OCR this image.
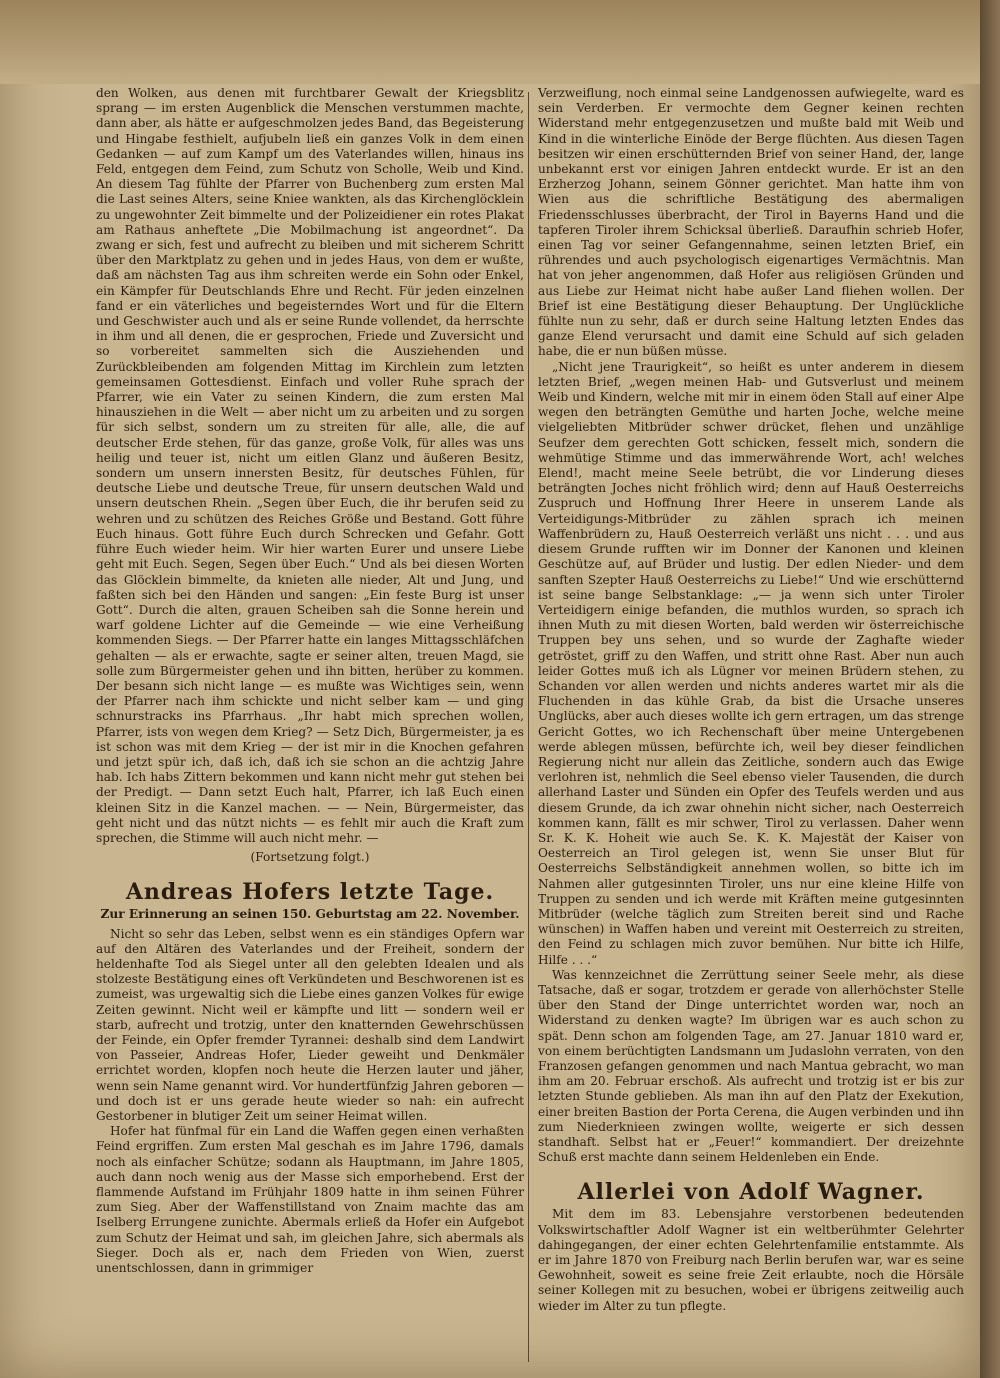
den Wolken, aus denen mit furchtbarer Gewalt der Kriegsblitz sprang — im ersten Augenblick die Menschen verstummen machte, dann aber, als hätte er aufgeschmolzen jedes Band, das Begeisterung und Hingabe festhielt, aufjubeln ließ ein ganzes Volk in dem einen Gedanken — auf zum Kampf um des Vaterlandes willen, hinaus ins Feld, entgegen dem Feind, zum Schutz von Scholle, Weib und Kind. An diesem Tag fühlte der Pfarrer von Buchenberg zum ersten Mal die Last seines Alters, seine Kniee wankten, als das Kirchenglöcklein zu ungewohnter Zeit bimmelte und der Polizeidiener ein rotes Plakat am Rathaus anheftete „Die Mobilmachung ist angeordnet“. Da zwang er sich, fest und aufrecht zu bleiben und mit sicherem Schritt über den Marktplatz zu gehen und in jedes Haus, von dem er wußte, daß am nächsten Tag aus ihm schreiten werde ein Sohn oder Enkel, ein Kämpfer für Deutschlands Ehre und Recht. Für jeden einzelnen fand er ein väterliches und begeisterndes Wort und für die Eltern und Geschwister auch und als er seine Runde vollendet, da herrschte in ihm und all denen, die er gesprochen, Friede und Zuversicht und so vorbereitet sammelten sich die Ausziehenden und Zurückbleibenden am folgenden Mittag im Kirchlein zum letzten gemeinsamen Gottesdienst. Einfach und voller Ruhe sprach der Pfarrer, wie ein Vater zu seinen Kindern, die zum ersten Mal hinausziehen in die Welt — aber nicht um zu arbeiten und zu sorgen für sich selbst, sondern um zu streiten für alle, alle, die auf deutscher Erde stehen, für das ganze, große Volk, für alles was uns heilig und teuer ist, nicht um eitlen Glanz und äußeren Besitz, sondern um unsern innersten Besitz, für deutsches Fühlen, für deutsche Liebe und deutsche Treue, für unsern deutschen Wald und unsern deutschen Rhein. „Segen über Euch, die ihr berufen seid zu wehren und zu schützen des Reiches Größe und Bestand. Gott führe Euch hinaus. Gott führe Euch durch Schrecken und Gefahr. Gott führe Euch wieder heim. Wir hier warten Eurer und unsere Liebe geht mit Euch. Segen, Segen über Euch.“ Und als bei diesen Worten das Glöcklein bimmelte, da knieten alle nieder, Alt und Jung, und faßten sich bei den Händen und sangen: „Ein feste Burg ist unser Gott“. Durch die alten, grauen Scheiben sah die Sonne herein und warf goldene Lichter auf die Gemeinde — wie eine Verheißung kommenden Siegs. — Der Pfarrer hatte ein langes Mittagsschläfchen gehalten — als er erwachte, sagte er seiner alten, treuen Magd, sie solle zum Bürgermeister gehen und ihn bitten, herüber zu kommen. Der besann sich nicht lange — es mußte was Wichtiges sein, wenn der Pfarrer nach ihm schickte und nicht selber kam — und ging schnurstracks ins Pfarrhaus. „Ihr habt mich sprechen wollen, Pfarrer, ists von wegen dem Krieg? — Setz Dich, Bürgermeister, ja es ist schon was mit dem Krieg — der ist mir in die Knochen gefahren und jetzt spür ich, daß ich, daß ich sie schon an die achtzig Jahre hab. Ich habs Zittern bekommen und kann nicht mehr gut stehen bei der Predigt. — Dann setzt Euch halt, Pfarrer, ich laß Euch einen kleinen Sitz in die Kanzel machen. — — Nein, Bürgermeister, das geht nicht und das nützt nichts — es fehlt mir auch die Kraft zum sprechen, die Stimme will auch nicht mehr. —

(Fortsetzung folgt.)

Andreas Hofers letzte Tage.

Zur Erinnerung an seinen 150. Geburtstag am 22. November.

Nicht so sehr das Leben, selbst wenn es ein ständiges Opfern war auf den Altären des Vaterlandes und der Freiheit, sondern der heldenhafte Tod als Siegel unter all den gelebten Idealen und als stolzeste Bestätigung eines oft Verkündeten und Beschworenen ist es zumeist, was urgewaltig sich die Liebe eines ganzen Volkes für ewige Zeiten gewinnt. Nicht weil er kämpfte und litt — sondern weil er starb, aufrecht und trotzig, unter den knatternden Gewehrschüssen der Feinde, ein Opfer fremder Tyrannei: deshalb sind dem Landwirt von Passeier, Andreas Hofer, Lieder geweiht und Denkmäler errichtet worden, klopfen noch heute die Herzen lauter und jäher, wenn sein Name genannt wird. Vor hundertfünfzig Jahren geboren — und doch ist er uns gerade heute wieder so nah: ein aufrecht Gestorbener in blutiger Zeit um seiner Heimat willen.

Hofer hat fünfmal für ein Land die Waffen gegen einen verhaßten Feind ergriffen. Zum ersten Mal geschah es im Jahre 1796, damals noch als einfacher Schütze; sodann als Hauptmann, im Jahre 1805, auch dann noch wenig aus der Masse sich emporhebend. Erst der flammende Aufstand im Frühjahr 1809 hatte in ihm seinen Führer zum Sieg. Aber der Waffenstillstand von Znaim machte das am Iselberg Errungene zunichte. Abermals erließ da Hofer ein Aufgebot zum Schutz der Heimat und sah, im gleichen Jahre, sich abermals als Sieger. Doch als er, nach dem Frieden von Wien, zuerst unentschlossen, dann in grimmiger

Verzweiflung, noch einmal seine Landgenossen aufwiegelte, ward es sein Verderben. Er vermochte dem Gegner keinen rechten Widerstand mehr entgegenzusetzen und mußte bald mit Weib und Kind in die winterliche Einöde der Berge flüchten. Aus diesen Tagen besitzen wir einen erschütternden Brief von seiner Hand, der, lange unbekannt erst vor einigen Jahren entdeckt wurde. Er ist an den Erzherzog Johann, seinem Gönner gerichtet. Man hatte ihm von Wien aus die schriftliche Bestätigung des abermaligen Friedensschlusses überbracht, der Tirol in Bayerns Hand und die tapferen Tiroler ihrem Schicksal überließ. Daraufhin schrieb Hofer, einen Tag vor seiner Gefangennahme, seinen letzten Brief, ein rührendes und auch psychologisch eigenartiges Vermächtnis. Man hat von jeher angenommen, daß Hofer aus religiösen Gründen und aus Liebe zur Heimat nicht habe außer Land fliehen wollen. Der Brief ist eine Bestätigung dieser Behauptung. Der Unglückliche fühlte nun zu sehr, daß er durch seine Haltung letzten Endes das ganze Elend verursacht und damit eine Schuld auf sich geladen habe, die er nun büßen müsse.

„Nicht jene Traurigkeit“, so heißt es unter anderem in diesem letzten Brief, „wegen meinen Hab- und Gutsverlust und meinem Weib und Kindern, welche mit mir in einem öden Stall auf einer Alpe wegen den beträngten Gemüthe und harten Joche, welche meine vielgeliebten Mitbrüder schwer drücket, flehen und unzählige Seufzer dem gerechten Gott schicken, fesselt mich, sondern die wehmütige Stimme und das immerwährende Wort, ach! welches Elend!, macht meine Seele betrübt, die vor Linderung dieses beträngten Joches nicht fröhlich wird; denn auf Hauß Oesterreichs Zuspruch und Hoffnung Ihrer Heere in unserem Lande als Verteidigungs-Mitbrüder zu zählen sprach ich meinen Waffenbrüdern zu, Hauß Oesterreich verläßt uns nicht . . . und aus diesem Grunde rufften wir im Donner der Kanonen und kleinen Geschütze auf, auf Brüder und lustig. Der edlen Nieder- und dem sanften Szepter Hauß Oesterreichs zu Liebe!“ Und wie erschütternd ist seine bange Selbstanklage: „— ja wenn sich unter Tiroler Verteidigern einige befanden, die muthlos wurden, so sprach ich ihnen Muth zu mit diesen Worten, bald werden wir österreichische Truppen bey uns sehen, und so wurde der Zaghafte wieder getröstet, griff zu den Waffen, und stritt ohne Rast. Aber nun auch leider Gottes muß ich als Lügner vor meinen Brüdern stehen, zu Schanden vor allen werden und nichts anderes wartet mir als die Fluchenden in das kühle Grab, da bist die Ursache unseres Unglücks, aber auch dieses wollte ich gern ertragen, um das strenge Gericht Gottes, wo ich Rechenschaft über meine Untergebenen werde ablegen müssen, befürchte ich, weil bey dieser feindlichen Regierung nicht nur allein das Zeitliche, sondern auch das Ewige verlohren ist, nehmlich die Seel ebenso vieler Tausenden, die durch allerhand Laster und Sünden ein Opfer des Teufels werden und aus diesem Grunde, da ich zwar ohnehin nicht sicher, nach Oesterreich kommen kann, fällt es mir schwer, Tirol zu verlassen. Daher wenn Sr. K. K. Hoheit wie auch Se. K. K. Majestät der Kaiser von Oesterreich an Tirol gelegen ist, wenn Sie unser Blut für Oesterreichs Selbständigkeit annehmen wollen, so bitte ich im Nahmen aller gutgesinnten Tiroler, uns nur eine kleine Hilfe von Truppen zu senden und ich werde mit Kräften meine gutgesinnten Mitbrüder (welche täglich zum Streiten bereit sind und Rache wünschen) in Waffen haben und vereint mit Oesterreich zu streiten, den Feind zu schlagen mich zuvor bemühen. Nur bitte ich Hilfe, Hilfe . . .“

Was kennzeichnet die Zerrüttung seiner Seele mehr, als diese Tatsache, daß er sogar, trotzdem er gerade von allerhöchster Stelle über den Stand der Dinge unterrichtet worden war, noch an Widerstand zu denken wagte? Im übrigen war es auch schon zu spät. Denn schon am folgenden Tage, am 27. Januar 1810 ward er, von einem berüchtigten Landsmann um Judaslohn verraten, von den Franzosen gefangen genommen und nach Mantua gebracht, wo man ihm am 20. Februar erschoß. Als aufrecht und trotzig ist er bis zur letzten Stunde geblieben. Als man ihn auf den Platz der Exekution, einer breiten Bastion der Porta Cerena, die Augen verbinden und ihn zum Niederknieen zwingen wollte, weigerte er sich dessen standhaft. Selbst hat er „Feuer!“ kommandiert. Der dreizehnte Schuß erst machte dann seinem Heldenleben ein Ende.

Allerlei von Adolf Wagner.

Mit dem im 83. Lebensjahre verstorbenen bedeutenden Volkswirtschaftler Adolf Wagner ist ein weltberühmter Gelehrter dahingegangen, der einer echten Gelehrtenfamilie entstammte. Als er im Jahre 1870 von Freiburg nach Berlin berufen war, war es seine Gewohnheit, soweit es seine freie Zeit erlaubte, noch die Hörsäle seiner Kollegen mit zu besuchen, wobei er übrigens zeitweilig auch wieder im Alter zu tun pflegte.
